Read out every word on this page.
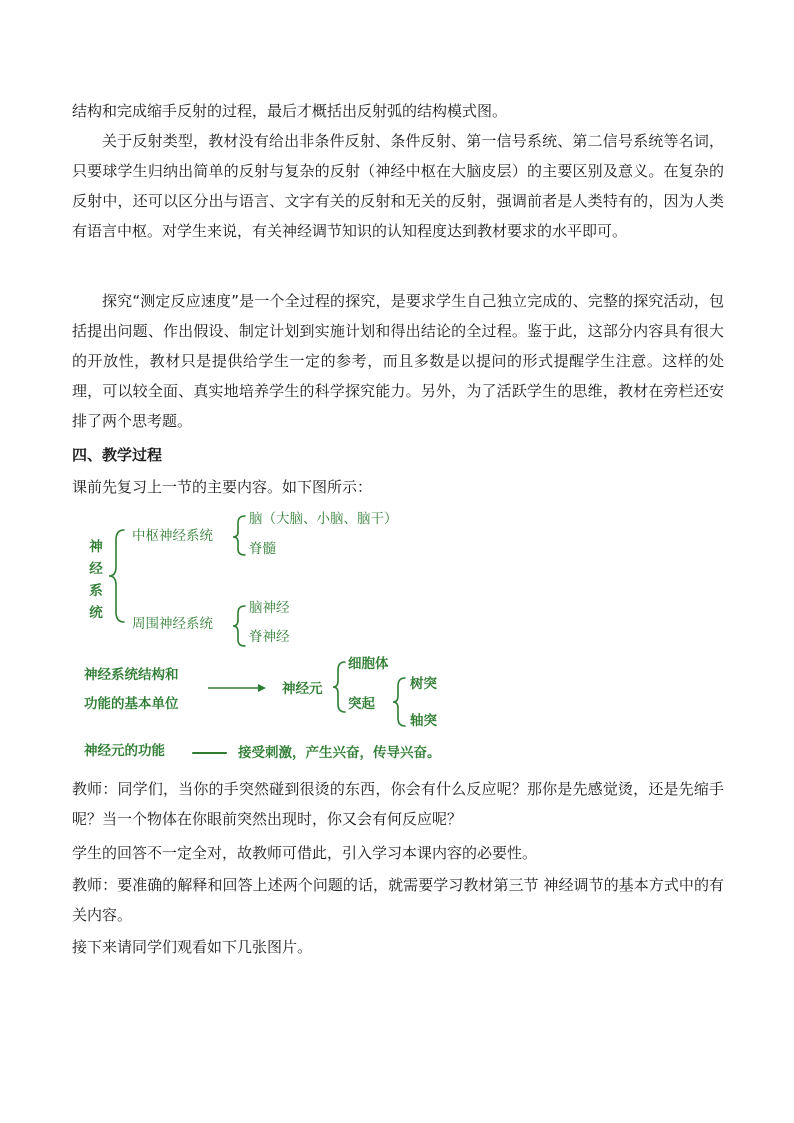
结构和完成缩手反射的过程，最后才概括出反射弧的结构模式图。

关于反射类型，教材没有给出非条件反射、条件反射、第一信号系统、第二信号系统等名词，只要球学生归纳出简单的反射与复杂的反射（神经中枢在大脑皮层）的主要区别及意义。在复杂的反射中，还可以区分出与语言、文字有关的反射和无关的反射，强调前者是人类特有的，因为人类有语言中枢。对学生来说，有关神经调节知识的认知程度达到教材要求的水平即可。

探究“测定反应速度”是一个全过程的探究，是要求学生自己独立完成的、完整的探究活动，包括提出问题、作出假设、制定计划到实施计划和得出结论的全过程。鉴于此，这部分内容具有很大的开放性，教材只是提供给学生一定的参考，而且多数是以提问的形式提醒学生注意。这样的处理，可以较全面、真实地培养学生的科学探究能力。另外，为了活跃学生的思维，教材在旁栏还安排了两个思考题。

四、教学过程

课前先复习上一节的主要内容。如下图所示：

神
经
系
统
中枢神经系统
脑（大脑、小脑、脑干）
脊髓
周围神经系统
脑神经
脊神经
神经系统结构和
功能的基本单位
神经元
细胞体
突起
树突
轴突
神经元的功能	接受刺激，产生兴奋，传导兴奋。

教师：同学们，当你的手突然碰到很烫的东西，你会有什么反应呢？那你是先感觉烫，还是先缩手呢？当一个物体在你眼前突然出现时，你又会有何反应呢？

学生的回答不一定全对，故教师可借此，引入学习本课内容的必要性。

教师：要准确的解释和回答上述两个问题的话，就需要学习教材第三节 神经调节的基本方式中的有关内容。

接下来请同学们观看如下几张图片。
